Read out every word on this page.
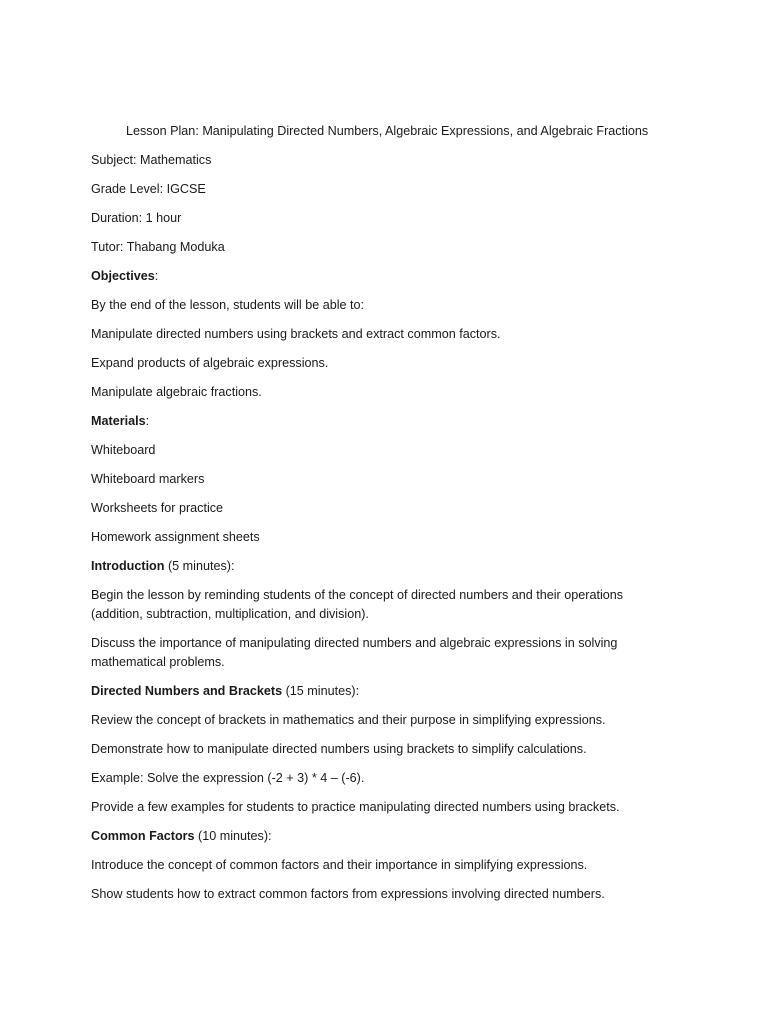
Lesson Plan: Manipulating Directed Numbers, Algebraic Expressions, and Algebraic Fractions
Subject: Mathematics
Grade Level: IGCSE
Duration: 1 hour
Tutor: Thabang Moduka
Objectives:
By the end of the lesson, students will be able to:
Manipulate directed numbers using brackets and extract common factors.
Expand products of algebraic expressions.
Manipulate algebraic fractions.
Materials:
Whiteboard
Whiteboard markers
Worksheets for practice
Homework assignment sheets
Introduction (5 minutes):
Begin the lesson by reminding students of the concept of directed numbers and their operations (addition, subtraction, multiplication, and division).
Discuss the importance of manipulating directed numbers and algebraic expressions in solving mathematical problems.
Directed Numbers and Brackets (15 minutes):
Review the concept of brackets in mathematics and their purpose in simplifying expressions.
Demonstrate how to manipulate directed numbers using brackets to simplify calculations.
Example: Solve the expression (-2 + 3) * 4 – (-6).
Provide a few examples for students to practice manipulating directed numbers using brackets.
Common Factors (10 minutes):
Introduce the concept of common factors and their importance in simplifying expressions.
Show students how to extract common factors from expressions involving directed numbers.
